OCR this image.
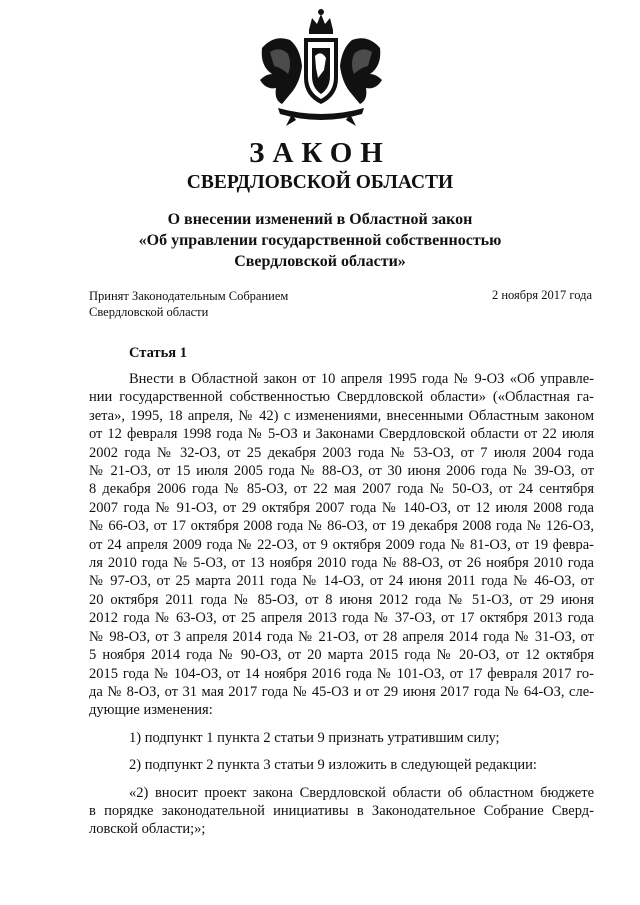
ЗАКОН
СВЕРДЛОВСКОЙ ОБЛАСТИ
О внесении изменений в Областной закон
«Об управлении государственной собственностью
Свердловской области»
Принят Законодательным Собранием
Свердловской области
2 ноября 2017 года
Статья 1
Внести в Областной закон от 10 апреля 1995 года № 9-ОЗ «Об управле-
нии государственной собственностью Свердловской области» («Областная га-
зета», 1995, 18 апреля, № 42) с изменениями, внесенными Областным законом
от 12 февраля 1998 года № 5-ОЗ и Законами Свердловской области от 22 июля
2002 года № 32-ОЗ, от 25 декабря 2003 года № 53-ОЗ, от 7 июля 2004 года
№ 21-ОЗ, от 15 июля 2005 года № 88-ОЗ, от 30 июня 2006 года № 39-ОЗ, от
8 декабря 2006 года № 85-ОЗ, от 22 мая 2007 года № 50-ОЗ, от 24 сентября
2007 года № 91-ОЗ, от 29 октября 2007 года № 140-ОЗ, от 12 июля 2008 года
№ 66-ОЗ, от 17 октября 2008 года № 86-ОЗ, от 19 декабря 2008 года № 126-ОЗ,
от 24 апреля 2009 года № 22-ОЗ, от 9 октября 2009 года № 81-ОЗ, от 19 февра-
ля 2010 года № 5-ОЗ, от 13 ноября 2010 года № 88-ОЗ, от 26 ноября 2010 года
№ 97-ОЗ, от 25 марта 2011 года № 14-ОЗ, от 24 июня 2011 года № 46-ОЗ, от
20 октября 2011 года № 85-ОЗ, от 8 июня 2012 года № 51-ОЗ, от 29 июня
2012 года № 63-ОЗ, от 25 апреля 2013 года № 37-ОЗ, от 17 октября 2013 года
№ 98-ОЗ, от 3 апреля 2014 года № 21-ОЗ, от 28 апреля 2014 года № 31-ОЗ, от
5 ноября 2014 года № 90-ОЗ, от 20 марта 2015 года № 20-ОЗ, от 12 октября
2015 года № 104-ОЗ, от 14 ноября 2016 года № 101-ОЗ, от 17 февраля 2017 го-
да № 8-ОЗ, от 31 мая 2017 года № 45-ОЗ и от 29 июня 2017 года № 64-ОЗ, сле-
дующие изменения:
1) подпункт 1 пункта 2 статьи 9 признать утратившим силу;
2) подпункт 2 пункта 3 статьи 9 изложить в следующей редакции:
«2) вносит проект закона Свердловской области об областном бюджете
в порядке законодательной инициативы в Законодательное Собрание Сверд-
ловской области;»;
